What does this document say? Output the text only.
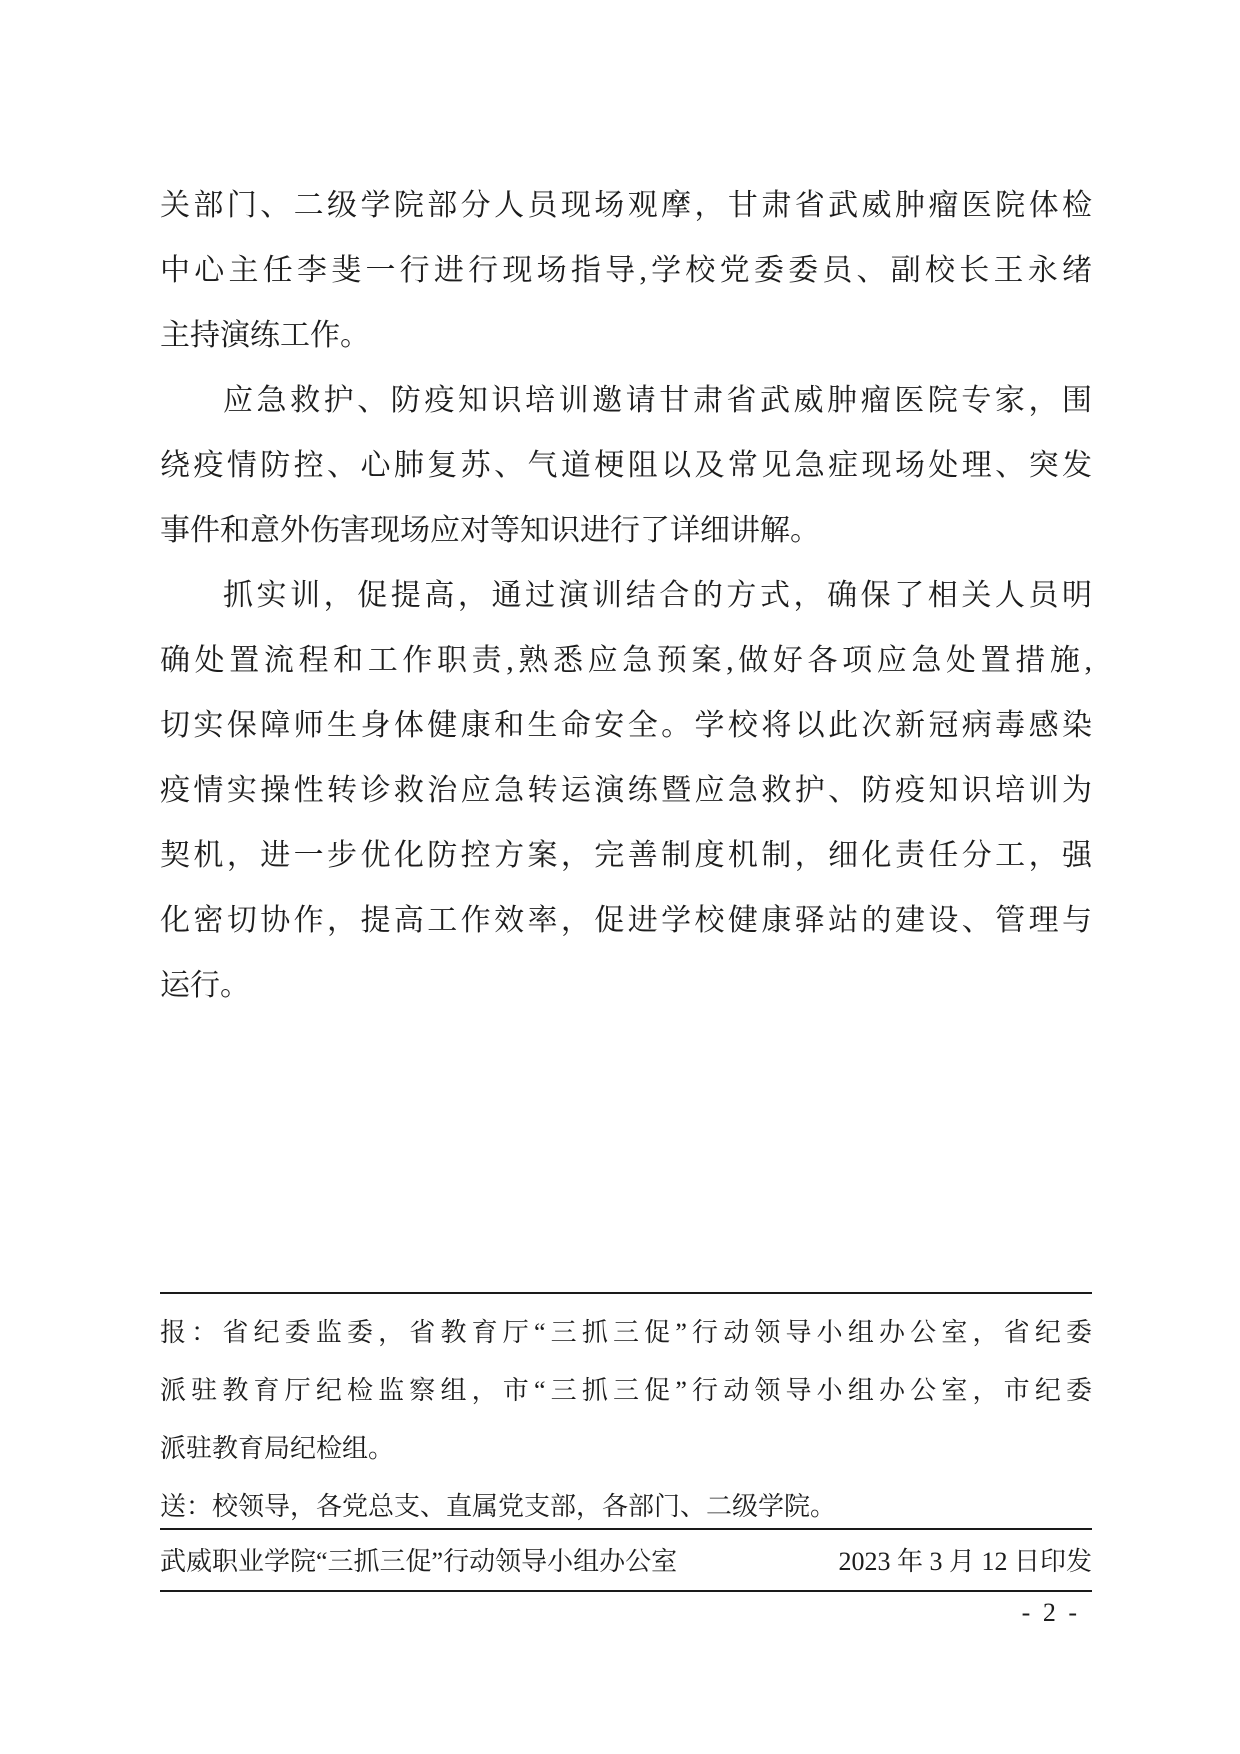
关部门、二级学院部分人员现场观摩，甘肃省武威肿瘤医院体检
中心主任李斐一行进行现场指导,学校党委委员、副校长王永绪
主持演练工作。
应急救护、防疫知识培训邀请甘肃省武威肿瘤医院专家，围
绕疫情防控、心肺复苏、气道梗阻以及常见急症现场处理、突发
事件和意外伤害现场应对等知识进行了详细讲解。
抓实训，促提高，通过演训结合的方式，确保了相关人员明
确处置流程和工作职责,熟悉应急预案,做好各项应急处置措施,
切实保障师生身体健康和生命安全。学校将以此次新冠病毒感染
疫情实操性转诊救治应急转运演练暨应急救护、防疫知识培训为
契机，进一步优化防控方案，完善制度机制，细化责任分工，强
化密切协作，提高工作效率，促进学校健康驿站的建设、管理与
运行。
报：省纪委监委，省教育厅“三抓三促”行动领导小组办公室，省纪委
派驻教育厅纪检监察组，市“三抓三促”行动领导小组办公室，市纪委
派驻教育局纪检组。
送：校领导，各党总支、直属党支部，各部门、二级学院。
武威职业学院“三抓三促”行动领导小组办公室	2023 年 3 月 12 日印发
- 2 -
